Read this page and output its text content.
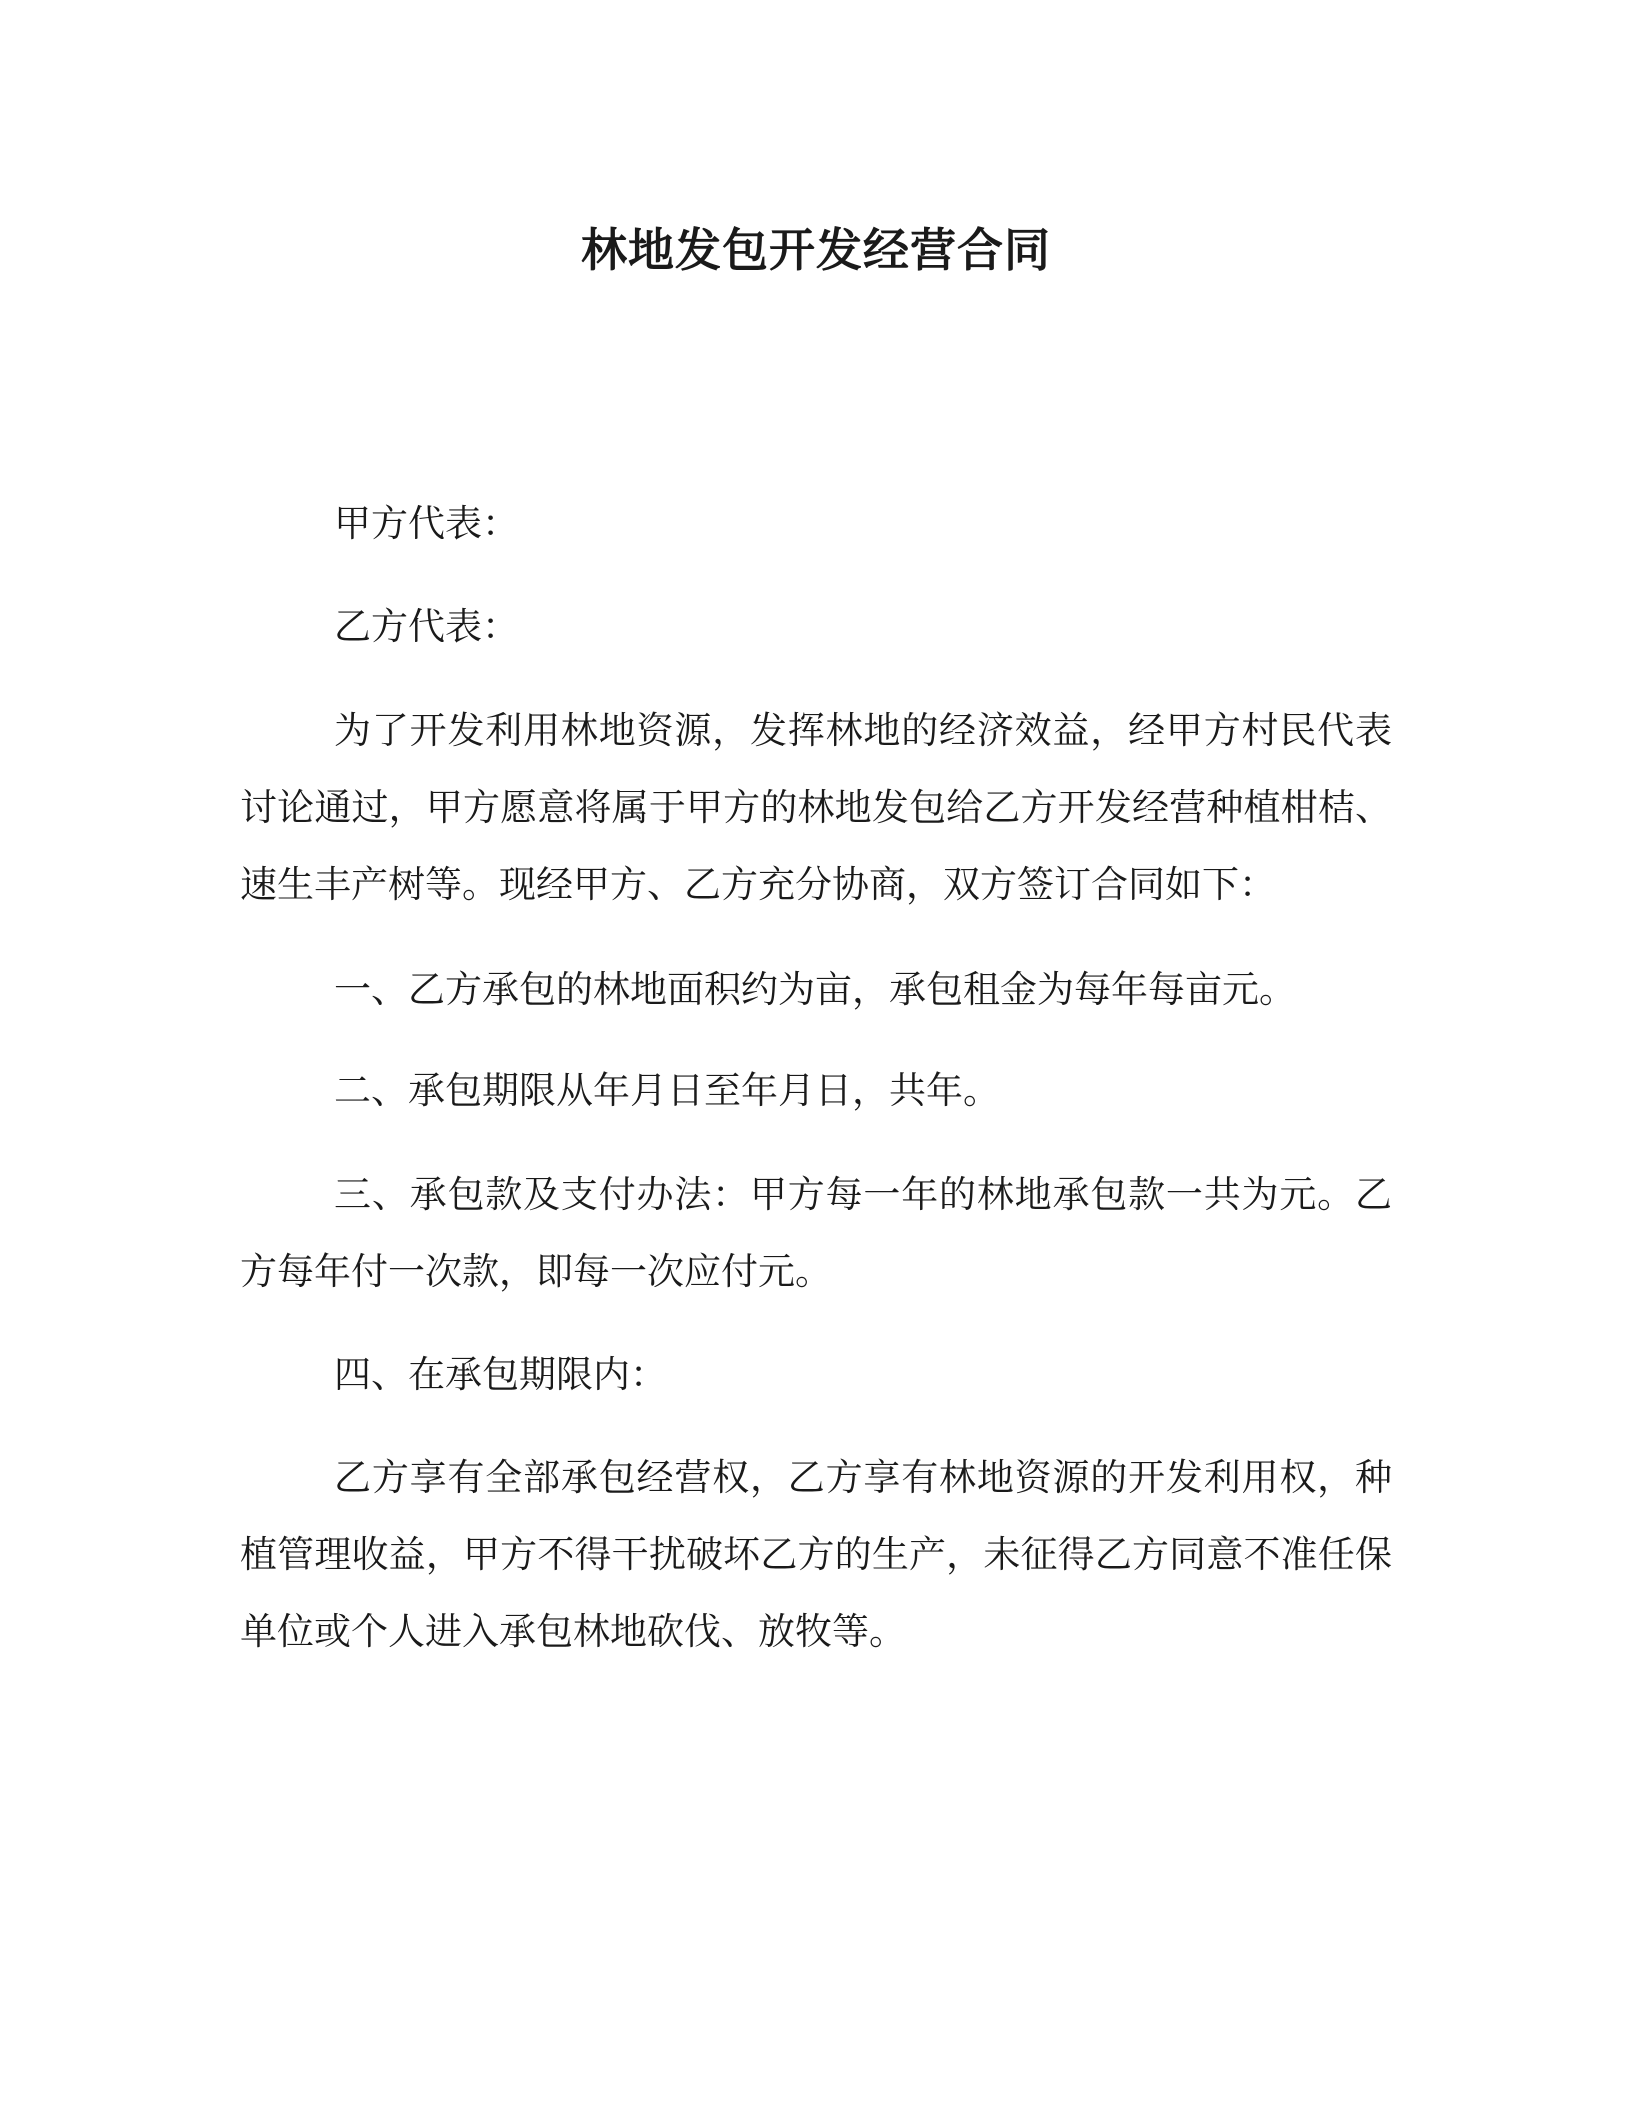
林地发包开发经营合同
甲方代表：
乙方代表：
为了开发利用林地资源，发挥林地的经济效益，经甲方村民代表讨论通过，甲方愿意将属于甲方的林地发包给乙方开发经营种植柑桔、速生丰产树等。现经甲方、乙方充分协商，双方签订合同如下：
一、乙方承包的林地面积约为亩，承包租金为每年每亩元。
二、承包期限从年月日至年月日，共年。
三、承包款及支付办法：甲方每一年的林地承包款一共为元。乙方每年付一次款，即每一次应付元。
四、在承包期限内：
乙方享有全部承包经营权，乙方享有林地资源的开发利用权，种植管理收益，甲方不得干扰破坏乙方的生产，未征得乙方同意不准任保单位或个人进入承包林地砍伐、放牧等。
